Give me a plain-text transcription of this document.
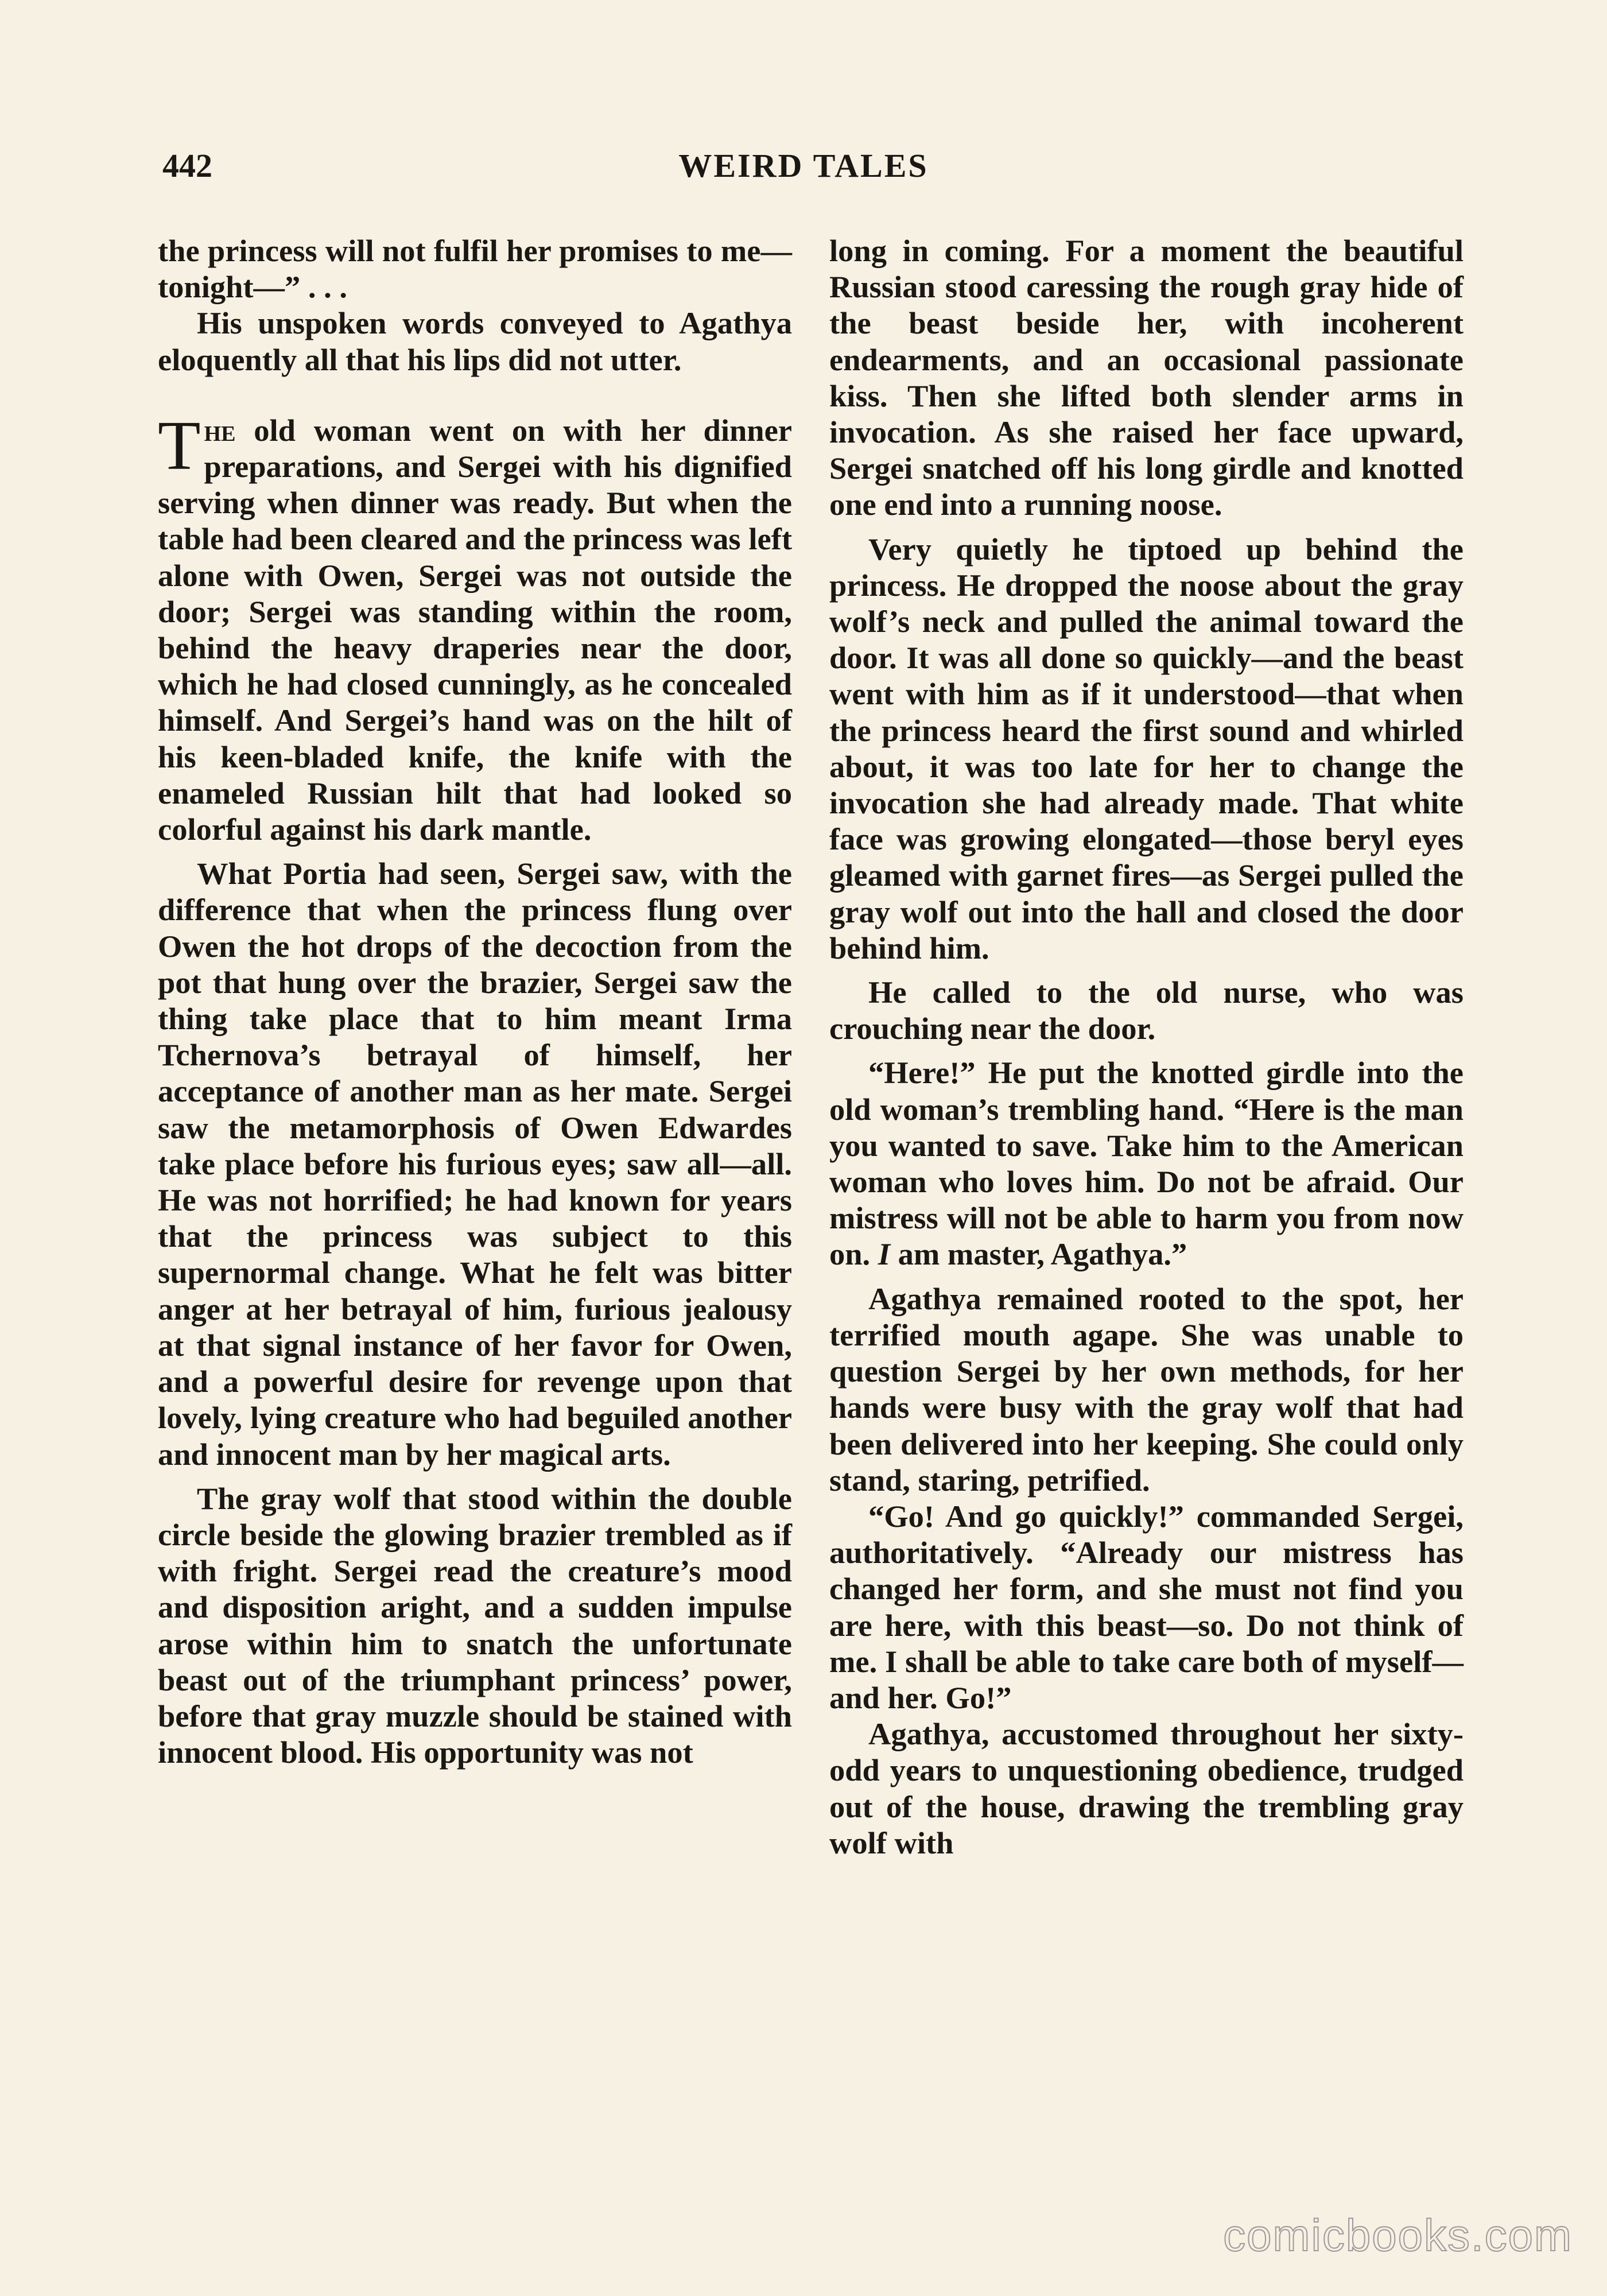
442	WEIRD TALES

the princess will not fulfil her promises to me—tonight—” . . .

His unspoken words conveyed to Agathya eloquently all that his lips did not utter.

The old woman went on with her dinner preparations, and Sergei with his dignified serving when dinner was ready. But when the table had been cleared and the princess was left alone with Owen, Sergei was not outside the door; Sergei was standing within the room, behind the heavy draperies near the door, which he had closed cunningly, as he concealed himself. And Sergei’s hand was on the hilt of his keen-bladed knife, the knife with the enameled Russian hilt that had looked so colorful against his dark mantle.

What Portia had seen, Sergei saw, with the difference that when the princess flung over Owen the hot drops of the decoction from the pot that hung over the brazier, Sergei saw the thing take place that to him meant Irma Tchernova’s betrayal of himself, her acceptance of another man as her mate. Sergei saw the metamorphosis of Owen Edwardes take place before his furious eyes; saw all—all. He was not horrified; he had known for years that the princess was subject to this supernormal change. What he felt was bitter anger at her betrayal of him, furious jealousy at that signal instance of her favor for Owen, and a powerful desire for revenge upon that lovely, lying creature who had beguiled another and innocent man by her magical arts.

The gray wolf that stood within the double circle beside the glowing brazier trembled as if with fright. Sergei read the creature’s mood and disposition aright, and a sudden impulse arose within him to snatch the unfortunate beast out of the triumphant princess’ power, before that gray muzzle should be stained with innocent blood. His opportunity was not

long in coming. For a moment the beautiful Russian stood caressing the rough gray hide of the beast beside her, with incoherent endearments, and an occasional passionate kiss. Then she lifted both slender arms in invocation. As she raised her face upward, Sergei snatched off his long girdle and knotted one end into a running noose.

Very quietly he tiptoed up behind the princess. He dropped the noose about the gray wolf’s neck and pulled the animal toward the door. It was all done so quickly—and the beast went with him as if it understood—that when the princess heard the first sound and whirled about, it was too late for her to change the invocation she had already made. That white face was growing elongated—those beryl eyes gleamed with garnet fires—as Sergei pulled the gray wolf out into the hall and closed the door behind him.

He called to the old nurse, who was crouching near the door.

“Here!” He put the knotted girdle into the old woman’s trembling hand. “Here is the man you wanted to save. Take him to the American woman who loves him. Do not be afraid. Our mistress will not be able to harm you from now on. I am master, Agathya.”

Agathya remained rooted to the spot, her terrified mouth agape. She was unable to question Sergei by her own methods, for her hands were busy with the gray wolf that had been delivered into her keeping. She could only stand, staring, petrified.

“Go! And go quickly!” commanded Sergei, authoritatively. “Already our mistress has changed her form, and she must not find you are here, with this beast—so. Do not think of me. I shall be able to take care both of myself—and her. Go!”

Agathya, accustomed throughout her sixty-odd years to unquestioning obedience, trudged out of the house, drawing the trembling gray wolf with

comicbooks.com
